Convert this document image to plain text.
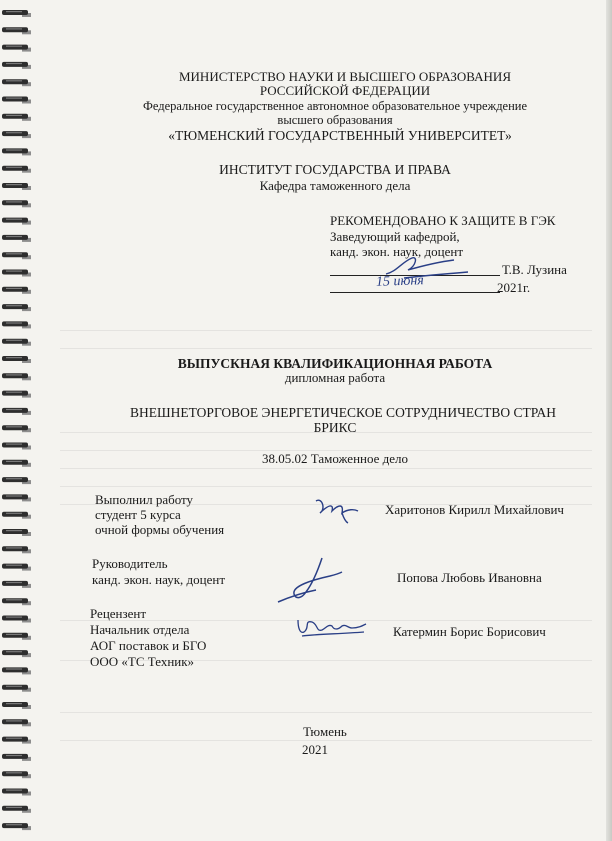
МИНИСТЕРСТВО НАУКИ И ВЫСШЕГО ОБРАЗОВАНИЯ
РОССИЙСКОЙ ФЕДЕРАЦИИ
Федеральное государственное автономное образовательное учреждение
высшего образования
«ТЮМЕНСКИЙ ГОСУДАРСТВЕННЫЙ УНИВЕРСИТЕТ»
ИНСТИТУТ ГОСУДАРСТВА И ПРАВА
Кафедра таможенного дела
РЕКОМЕНДОВАНО К ЗАЩИТЕ В ГЭК
Заведующий кафедрой,
канд. экон. наук, доцент
Т.В. Лузина
15 июня	2021г.
ВЫПУСКНАЯ КВАЛИФИКАЦИОННАЯ РАБОТА
дипломная работа
ВНЕШНЕТОРГОВОЕ ЭНЕРГЕТИЧЕСКОЕ СОТРУДНИЧЕСТВО СТРАН
БРИКС
38.05.02 Таможенное дело
Выполнил работу
студент 5 курса
очной формы обучения
Харитонов Кирилл Михайлович
Руководитель
канд. экон. наук, доцент	Попова Любовь Ивановна
Рецензент
Начальник отдела
АОГ поставок и БГО
ООО «ТС Техник»
Катермин Борис Борисович
Тюмень
2021
